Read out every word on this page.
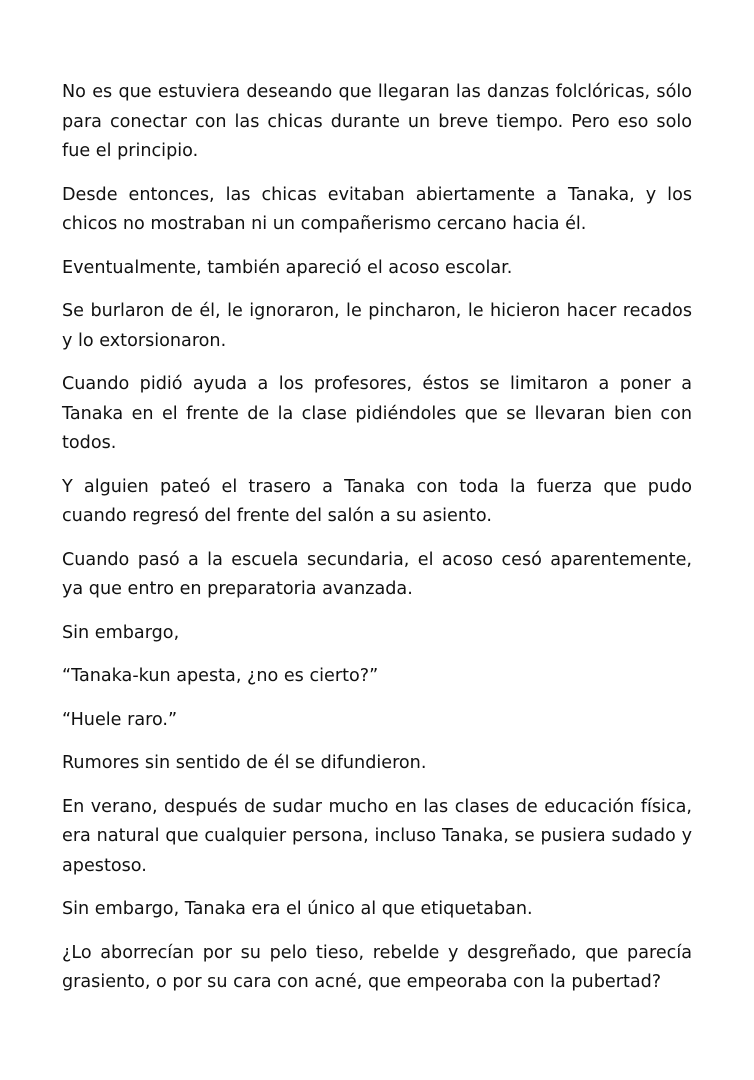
No es que estuviera deseando que llegaran las danzas folclóricas, sólo para conectar con las chicas durante un breve tiempo. Pero eso solo fue el principio.

Desde entonces, las chicas evitaban abiertamente a Tanaka, y los chicos no mostraban ni un compañerismo cercano hacia él.

Eventualmente, también apareció el acoso escolar.

Se burlaron de él, le ignoraron, le pincharon, le hicieron hacer recados y lo extorsionaron.

Cuando pidió ayuda a los profesores, éstos se limitaron a poner a Tanaka en el frente de la clase pidiéndoles que se llevaran bien con todos.

Y alguien pateó el trasero a Tanaka con toda la fuerza que pudo cuando regresó del frente del salón a su asiento.

Cuando pasó a la escuela secundaria, el acoso cesó aparentemente, ya que entro en preparatoria avanzada.

Sin embargo,

“Tanaka-kun apesta, ¿no es cierto?”

“Huele raro.”

Rumores sin sentido de él se difundieron.

En verano, después de sudar mucho en las clases de educación física, era natural que cualquier persona, incluso Tanaka, se pusiera sudado y apestoso.

Sin embargo, Tanaka era el único al que etiquetaban.

¿Lo aborrecían por su pelo tieso, rebelde y desgreñado, que parecía grasiento, o por su cara con acné, que empeoraba con la pubertad?
